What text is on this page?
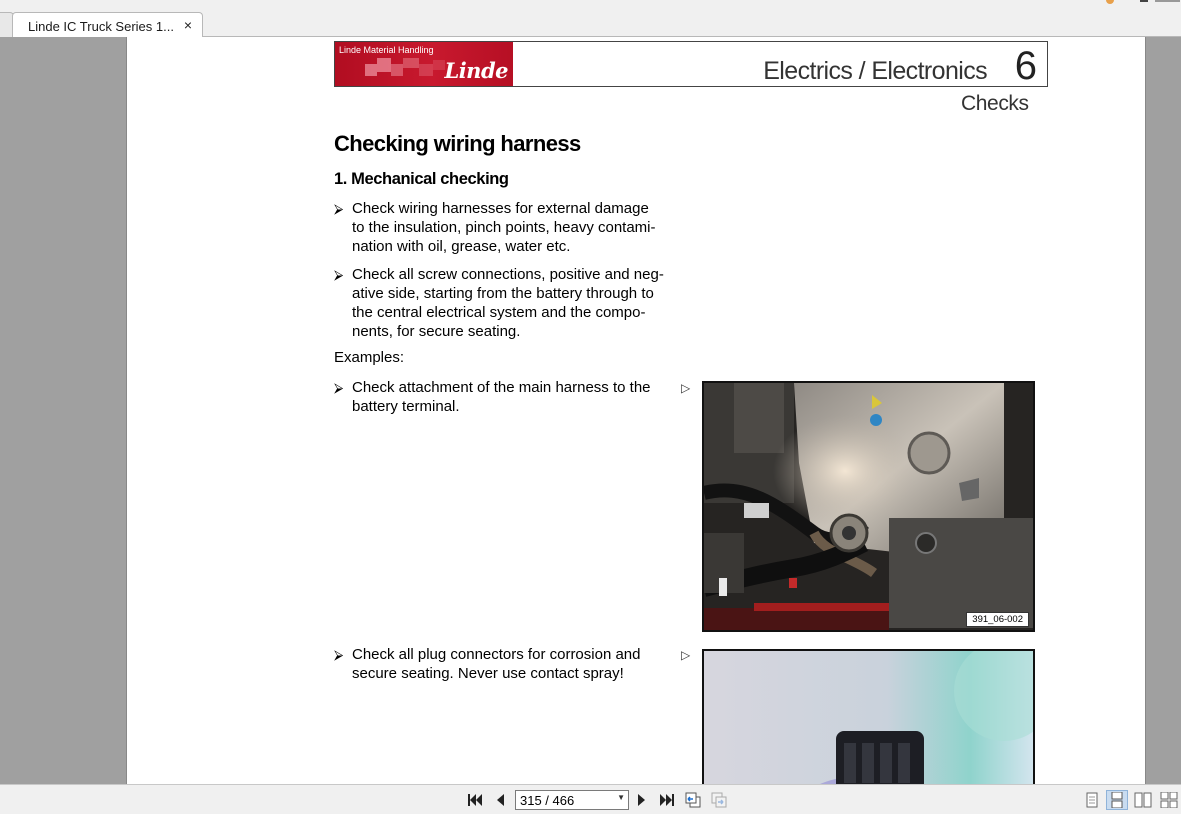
Linde IC Truck Series 1... ×
Linde Material Handling
Linde	Electrics / Electronics 6
Checks
Checking wiring harness
1. Mechanical checking
⮚ Check wiring harnesses for external damage
to the insulation, pinch points, heavy contami-
nation with oil, grease, water etc.
⮚ Check all screw connections, positive and neg-
ative side, starting from the battery through to
the central electrical system and the compo-
nents, for secure seating.
Examples:
⮚ Check attachment of the main harness to the
battery terminal.
▷
391_06-002
⮚ Check all plug connectors for corrosion and
secure seating. Never use contact spray!
▷
315 / 466	▼
